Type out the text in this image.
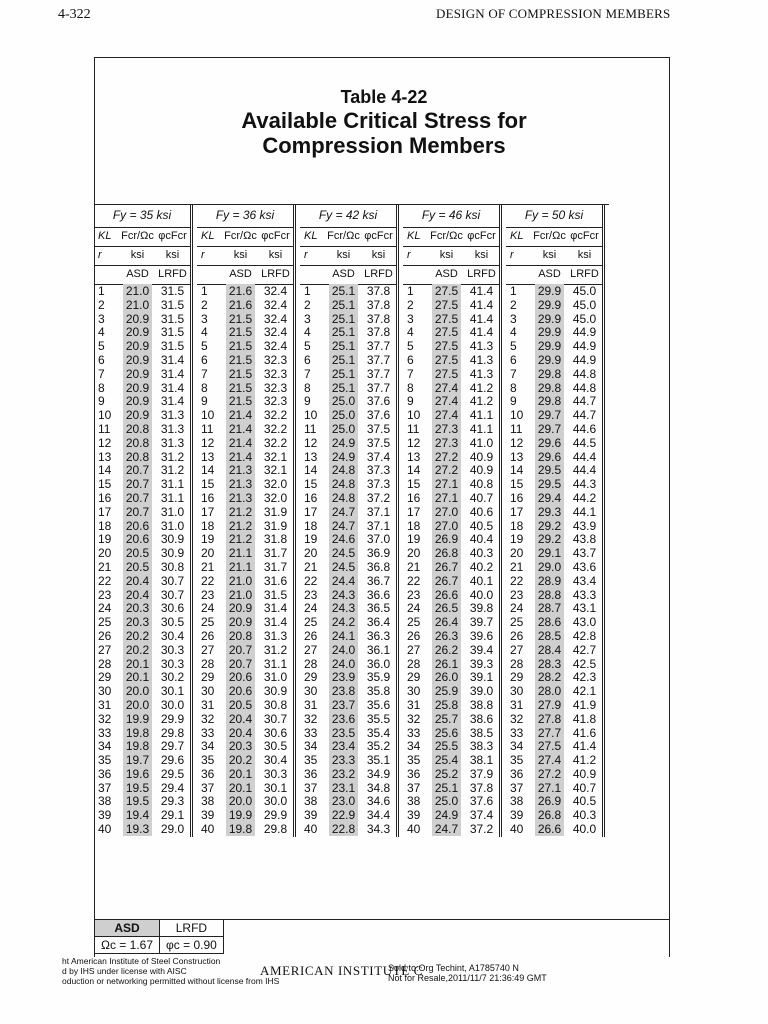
4-322	DESIGN OF COMPRESSION MEMBERS
Table 4-22
Available Critical Stress for
Compression Members
Fy = 35 ksi		
KL	Fcr/Ωc	φcFcr
r	ksi	ksi
	ASD	LRFD
1	21.0	31.5
2	21.0	31.5
3	20.9	31.5
4	20.9	31.5
5	20.9	31.5
6	20.9	31.4
7	20.9	31.4
8	20.9	31.4
9	20.9	31.4
10	20.9	31.3
11	20.8	31.3
12	20.8	31.3
13	20.8	31.2
14	20.7	31.2
15	20.7	31.1
16	20.7	31.1
17	20.7	31.0
18	20.6	31.0
19	20.6	30.9
20	20.5	30.9
21	20.5	30.8
22	20.4	30.7
23	20.4	30.7
24	20.3	30.6
25	20.3	30.5
26	20.2	30.4
27	20.2	30.3
28	20.1	30.3
29	20.1	30.2
30	20.0	30.1
31	20.0	30.0
32	19.9	29.9
33	19.8	29.8
34	19.8	29.7
35	19.7	29.6
36	19.6	29.5
37	19.5	29.4
38	19.5	29.3
39	19.4	29.1
40	19.3	29.0
Fy = 36 ksi		
KL	Fcr/Ωc	φcFcr
r	ksi	ksi
	ASD	LRFD
1	21.6	32.4
2	21.6	32.4
3	21.5	32.4
4	21.5	32.4
5	21.5	32.4
6	21.5	32.3
7	21.5	32.3
8	21.5	32.3
9	21.5	32.3
10	21.4	32.2
11	21.4	32.2
12	21.4	32.2
13	21.4	32.1
14	21.3	32.1
15	21.3	32.0
16	21.3	32.0
17	21.2	31.9
18	21.2	31.9
19	21.2	31.8
20	21.1	31.7
21	21.1	31.7
22	21.0	31.6
23	21.0	31.5
24	20.9	31.4
25	20.9	31.4
26	20.8	31.3
27	20.7	31.2
28	20.7	31.1
29	20.6	31.0
30	20.6	30.9
31	20.5	30.8
32	20.4	30.7
33	20.4	30.6
34	20.3	30.5
35	20.2	30.4
36	20.1	30.3
37	20.1	30.1
38	20.0	30.0
39	19.9	29.9
40	19.8	29.8
Fy = 42 ksi		
KL	Fcr/Ωc	φcFcr
r	ksi	ksi
	ASD	LRFD
1	25.1	37.8
2	25.1	37.8
3	25.1	37.8
4	25.1	37.8
5	25.1	37.7
6	25.1	37.7
7	25.1	37.7
8	25.1	37.7
9	25.0	37.6
10	25.0	37.6
11	25.0	37.5
12	24.9	37.5
13	24.9	37.4
14	24.8	37.3
15	24.8	37.3
16	24.8	37.2
17	24.7	37.1
18	24.7	37.1
19	24.6	37.0
20	24.5	36.9
21	24.5	36.8
22	24.4	36.7
23	24.3	36.6
24	24.3	36.5
25	24.2	36.4
26	24.1	36.3
27	24.0	36.1
28	24.0	36.0
29	23.9	35.9
30	23.8	35.8
31	23.7	35.6
32	23.6	35.5
33	23.5	35.4
34	23.4	35.2
35	23.3	35.1
36	23.2	34.9
37	23.1	34.8
38	23.0	34.6
39	22.9	34.4
40	22.8	34.3
Fy = 46 ksi		
KL	Fcr/Ωc	φcFcr
r	ksi	ksi
	ASD	LRFD
1	27.5	41.4
2	27.5	41.4
3	27.5	41.4
4	27.5	41.4
5	27.5	41.3
6	27.5	41.3
7	27.5	41.3
8	27.4	41.2
9	27.4	41.2
10	27.4	41.1
11	27.3	41.1
12	27.3	41.0
13	27.2	40.9
14	27.2	40.9
15	27.1	40.8
16	27.1	40.7
17	27.0	40.6
18	27.0	40.5
19	26.9	40.4
20	26.8	40.3
21	26.7	40.2
22	26.7	40.1
23	26.6	40.0
24	26.5	39.8
25	26.4	39.7
26	26.3	39.6
27	26.2	39.4
28	26.1	39.3
29	26.0	39.1
30	25.9	39.0
31	25.8	38.8
32	25.7	38.6
33	25.6	38.5
34	25.5	38.3
35	25.4	38.1
36	25.2	37.9
37	25.1	37.8
38	25.0	37.6
39	24.9	37.4
40	24.7	37.2
Fy = 50 ksi		
KL	Fcr/Ωc	φcFcr
r	ksi	ksi
	ASD	LRFD
1	29.9	45.0
2	29.9	45.0
3	29.9	45.0
4	29.9	44.9
5	29.9	44.9
6	29.9	44.9
7	29.8	44.8
8	29.8	44.8
9	29.8	44.7
10	29.7	44.7
11	29.7	44.6
12	29.6	44.5
13	29.6	44.4
14	29.5	44.4
15	29.5	44.3
16	29.4	44.2
17	29.3	44.1
18	29.2	43.9
19	29.2	43.8
20	29.1	43.7
21	29.0	43.6
22	28.9	43.4
23	28.8	43.3
24	28.7	43.1
25	28.6	43.0
26	28.5	42.8
27	28.4	42.7
28	28.3	42.5
29	28.2	42.3
30	28.0	42.1
31	27.9	41.9
32	27.8	41.8
33	27.7	41.6
34	27.5	41.4
35	27.4	41.2
36	27.2	40.9
37	27.1	40.7
38	26.9	40.5
39	26.8	40.3
40	26.6	40.0
ASD	LRFD
Ωc = 1.67	φc = 0.90
ht American Institute of Steel Construction
d by IHS under license with AISC
oduction or networking permitted without license from IHS
AMERICAN INSTITUTE C
Sold to:Org Techint, A1785740 N
Not for Resale,2011/11/7 21:36:49 GMT
